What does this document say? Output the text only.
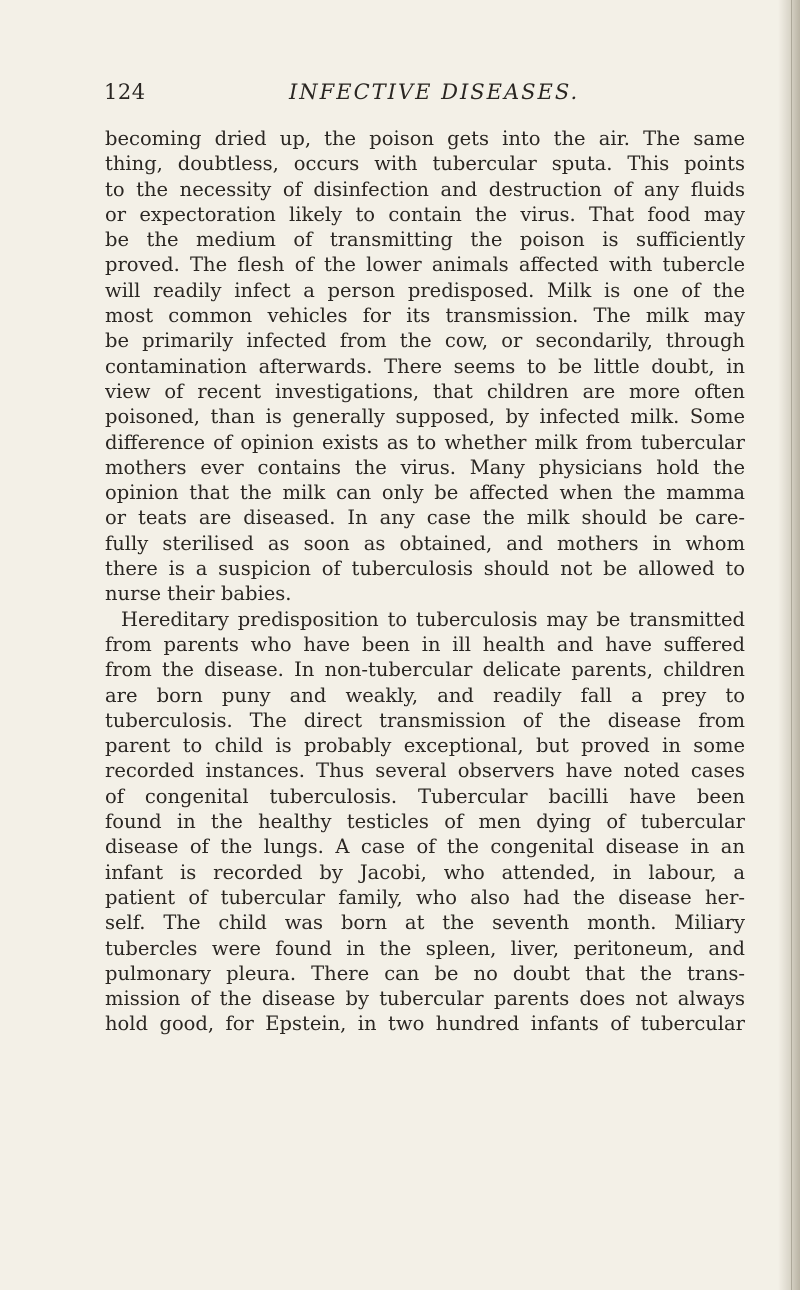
124	INFECTIVE DISEASES.
becoming dried up, the poison gets into the air. The same
thing, doubtless, occurs with tubercular sputa. This points
to the necessity of disinfection and destruction of any fluids
or expectoration likely to contain the virus. That food may
be the medium of transmitting the poison is sufficiently
proved. The flesh of the lower animals affected with tubercle
will readily infect a person predisposed. Milk is one of the
most common vehicles for its transmission. The milk may
be primarily infected from the cow, or secondarily, through
contamination afterwards. There seems to be little doubt, in
view of recent investigations, that children are more often
poisoned, than is generally supposed, by infected milk. Some
difference of opinion exists as to whether milk from tubercular
mothers ever contains the virus. Many physicians hold the
opinion that the milk can only be affected when the mamma
or teats are diseased. In any case the milk should be care-
fully sterilised as soon as obtained, and mothers in whom
there is a suspicion of tuberculosis should not be allowed to
nurse their babies.
Hereditary predisposition to tuberculosis may be transmitted
from parents who have been in ill health and have suffered
from the disease. In non-tubercular delicate parents, children
are born puny and weakly, and readily fall a prey to
tuberculosis. The direct transmission of the disease from
parent to child is probably exceptional, but proved in some
recorded instances. Thus several observers have noted cases
of congenital tuberculosis. Tubercular bacilli have been
found in the healthy testicles of men dying of tubercular
disease of the lungs. A case of the congenital disease in an
infant is recorded by Jacobi, who attended, in labour, a
patient of tubercular family, who also had the disease her-
self. The child was born at the seventh month. Miliary
tubercles were found in the spleen, liver, peritoneum, and
pulmonary pleura. There can be no doubt that the trans-
mission of the disease by tubercular parents does not always
hold good, for Epstein, in two hundred infants of tubercular
